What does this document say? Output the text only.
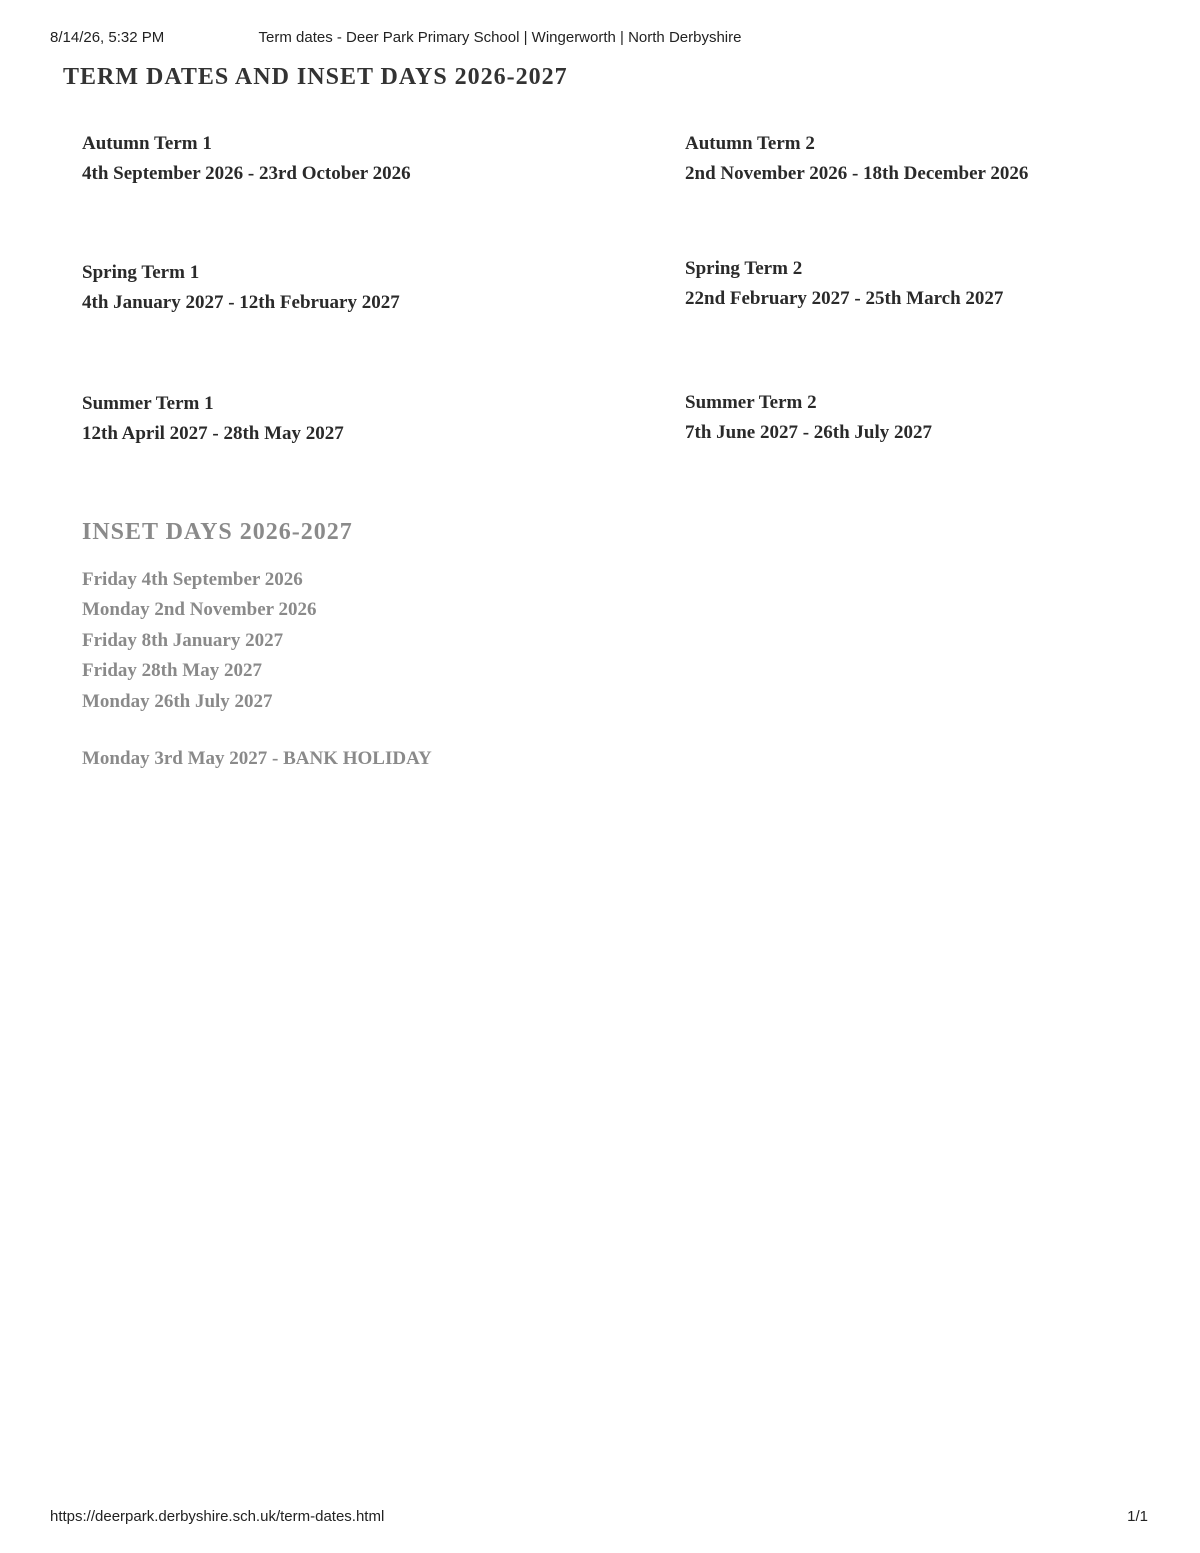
8/14/26, 5:32 PM	Term dates - Deer Park Primary School | Wingerworth | North Derbyshire
TERM DATES AND INSET DAYS 2026-2027
Autumn Term 1
4th September 2026 - 23rd October 2026
Autumn Term 2
2nd November 2026 - 18th December 2026
Spring Term 1
4th January 2027 - 12th February 2027
Spring Term 2
22nd February 2027 - 25th March 2027
Summer Term 1
12th April 2027 - 28th May 2027
Summer Term 2
7th June 2027 - 26th July 2027
INSET DAYS 2026-2027
Friday 4th September 2026
Monday 2nd November 2026
Friday 8th January 2027
Friday 28th May 2027
Monday 26th July 2027
Monday 3rd May 2027 - BANK HOLIDAY
https://deerpark.derbyshire.sch.uk/term-dates.html	1/1
